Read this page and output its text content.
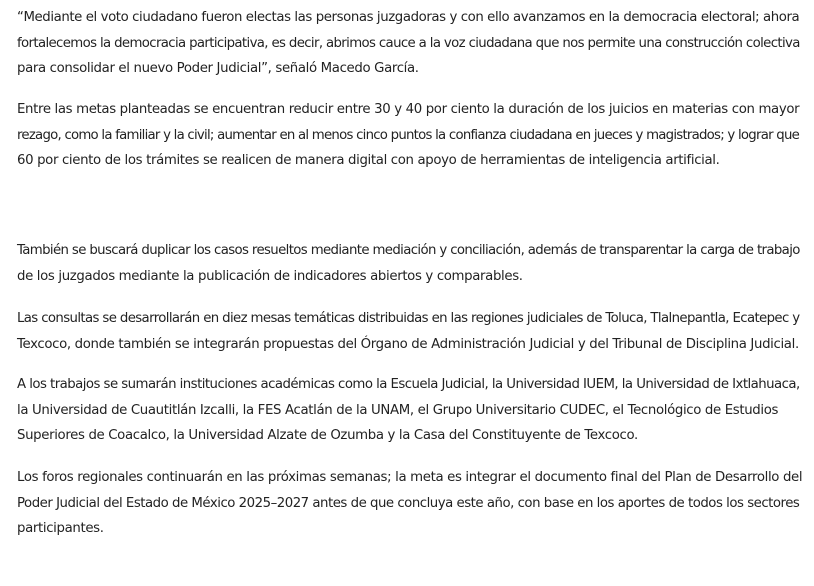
“Mediante el voto ciudadano fueron electas las personas juzgadoras y con ello avanzamos en la democracia electoral; ahora
fortalecemos la democracia participativa, es decir, abrimos cauce a la voz ciudadana que nos permite una construcción colectiva
para consolidar el nuevo Poder Judicial”, señaló Macedo García.

Entre las metas planteadas se encuentran reducir entre 30 y 40 por ciento la duración de los juicios en materias con mayor
rezago, como la familiar y la civil; aumentar en al menos cinco puntos la confianza ciudadana en jueces y magistrados; y lograr que
60 por ciento de los trámites se realicen de manera digital con apoyo de herramientas de inteligencia artificial.

También se buscará duplicar los casos resueltos mediante mediación y conciliación, además de transparentar la carga de trabajo
de los juzgados mediante la publicación de indicadores abiertos y comparables.

Las consultas se desarrollarán en diez mesas temáticas distribuidas en las regiones judiciales de Toluca, Tlalnepantla, Ecatepec y
Texcoco, donde también se integrarán propuestas del Órgano de Administración Judicial y del Tribunal de Disciplina Judicial.

A los trabajos se sumarán instituciones académicas como la Escuela Judicial, la Universidad IUEM, la Universidad de Ixtlahuaca,
la Universidad de Cuautitlán Izcalli, la FES Acatlán de la UNAM, el Grupo Universitario CUDEC, el Tecnológico de Estudios
Superiores de Coacalco, la Universidad Alzate de Ozumba y la Casa del Constituyente de Texcoco.

Los foros regionales continuarán en las próximas semanas; la meta es integrar el documento final del Plan de Desarrollo del
Poder Judicial del Estado de México 2025–2027 antes de que concluya este año, con base en los aportes de todos los sectores
participantes.
